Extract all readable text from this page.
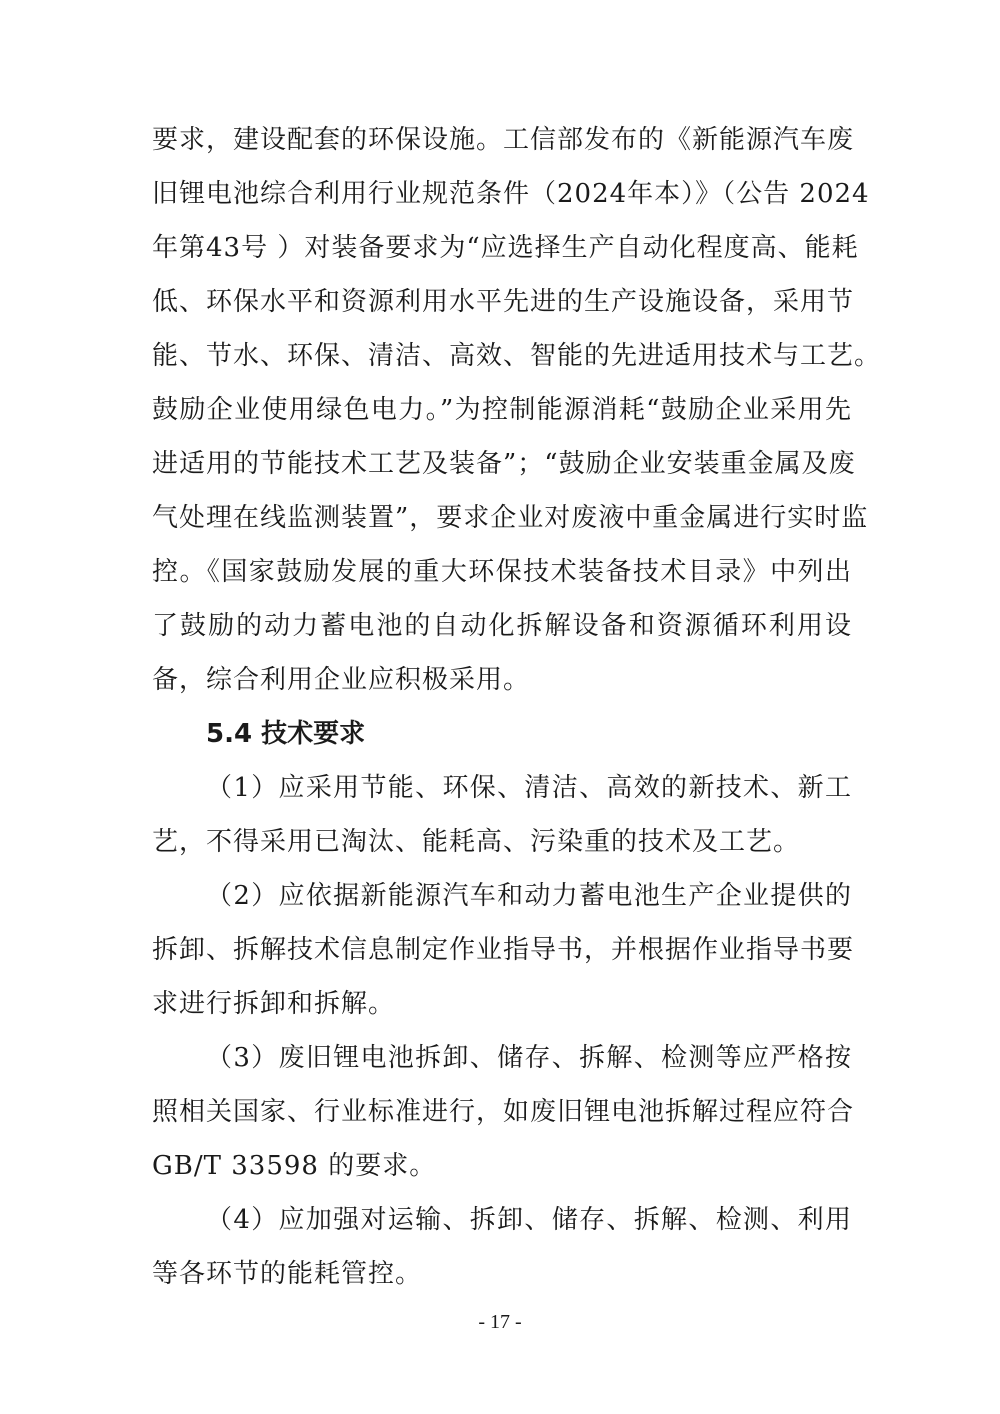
要求，建设配套的环保设施。工信部发布的《新能源汽车废
旧锂电池综合利用行业规范条件（2024年本）》（公告 2024
年第43号 ）对装备要求为“应选择生产自动化程度高、能耗
低、环保水平和资源利用水平先进的生产设施设备，采用节
能、节水、环保、清洁、高效、智能的先进适用技术与工艺。
鼓励企业使用绿色电力。”为控制能源消耗“鼓励企业采用先
进适用的节能技术工艺及装备”；“鼓励企业安装重金属及废
气处理在线监测装置”，要求企业对废液中重金属进行实时监
控。《国家鼓励发展的重大环保技术装备技术目录》中列出
了鼓励的动力蓄电池的自动化拆解设备和资源循环利用设
备，综合利用企业应积极采用。
5.4 技术要求
（1）应采用节能、环保、清洁、高效的新技术、新工
艺，不得采用已淘汰、能耗高、污染重的技术及工艺。
（2）应依据新能源汽车和动力蓄电池生产企业提供的
拆卸、拆解技术信息制定作业指导书，并根据作业指导书要
求进行拆卸和拆解。
（3）废旧锂电池拆卸、储存、拆解、检测等应严格按
照相关国家、行业标准进行，如废旧锂电池拆解过程应符合
GB/T 33598 的要求。
（4）应加强对运输、拆卸、储存、拆解、检测、利用
等各环节的能耗管控。
- 17 -
